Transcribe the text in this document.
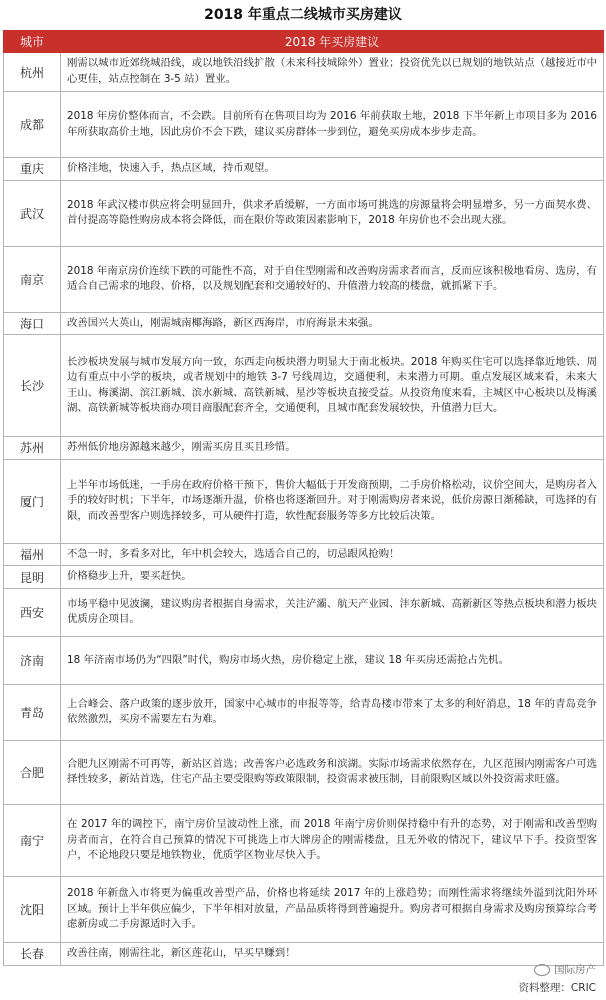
2018 年重点二线城市买房建议
城市	2018 年买房建议
杭州	刚需以城市近郊绕城沿线，或以地铁沿线扩散（未来科技城除外）置业；投资优先以已规划的地铁站点（越接近市中心更佳，站点控制在 3-5 站）置业。
成都	2018 年房价整体而言，不会跌。目前所有在售项目均为 2016 年前获取土地，2018 下半年新上市项目多为 2016 年所获取高价土地，因此房价不会下跌，建议买房群体一步到位，避免买房成本步步走高。
重庆	价格洼地，快速入手，热点区域，持币观望。
武汉	2018 年武汉楼市供应将会明显回升，供求矛盾缓解，一方面市场可挑选的房源量将会明显增多，另一方面契水费、首付提高等隐性购房成本将会降低，而在限价等政策因素影响下，2018 年房价也不会出现大涨。
南京	2018 年南京房价连续下跌的可能性不高，对于自住型刚需和改善购房需求者而言，反而应该积极地看房、选房，有适合自己需求的地段、价格，以及规划配套和交通较好的、升值潜力较高的楼盘，就抓紧下手。
海口	改善国兴大英山，刚需城南椰海路，新区西海岸，市府海景未来强。
长沙	长沙板块发展与城市发展方向一致，东西走向板块潜力明显大于南北板块。2018 年购买住宅可以选择靠近地铁、周边有重点中小学的板块，或者规划中的地铁 3-7 号线周边，交通便利，未来潜力可期。重点发展区域来看，未来大王山、梅溪湖、滨江新城、滨水新城、高铁新城、星沙等板块直接受益。从投资角度来看，主城区中心板块以及梅溪湖、高铁新城等板块商办项目商服配套齐全，交通便利，且城市配套发展较快，升值潜力巨大。
苏州	苏州低价地房源越来越少，刚需买房且买且珍惜。
厦门	上半年市场低迷，一手房在政府价格干预下，售价大幅低于开发商预期，二手房价格松动，议价空间大，是购房者入手的较好时机；下半年，市场逐渐升温，价格也将逐渐回升。对于刚需购房者来说，低价房源日渐稀缺，可选择的有限，而改善型客户则选择较多，可从硬件打造，软性配套服务等多方比较后决策。
福州	不急一时，多看多对比，年中机会较大，选适合自己的，切忌跟风抢购！
昆明	价格稳步上升，要买赶快。
西安	市场平稳中见波澜，建议购房者根据自身需求，关注浐灞、航天产业园、沣东新城、高新新区等热点板块和潜力板块优质房企项目。
济南	18 年济南市场仍为“四限”时代，购房市场火热，房价稳定上涨，建议 18 年买房还需抢占先机。
青岛	上合峰会、落户政策的逐步放开，国家中心城市的申报等等，给青岛楼市带来了太多的利好消息，18 年的青岛竞争依然激烈，买房不需要左右为难。
合肥	合肥九区刚需不可再等，新站区首选；改善客户必选政务和滨湖。实际市场需求依然存在，九区范围内刚需客户可选择性较多，新站首选，住宅产品主要受限购等政策限制，投资需求被压制，目前限购区域以外投资需求旺盛。
南宁	在 2017 年的调控下，南宁房价呈波动性上涨，而 2018 年南宁房价则保持稳中有升的态势，对于刚需和改善型购房者而言，在符合自己预算的情况下可挑选上市大牌房企的刚需楼盘，且无外收的情况下，建议早下手。投资型客户，不论地段只要是地铁物业，优质学区物业尽快入手。
沈阳	2018 年新盘入市将更为偏重改善型产品，价格也将延续 2017 年的上涨趋势；而刚性需求将继续外溢到沈阳外环区域。预计上半年供应偏少，下半年相对放量，产品品质将得到普遍提升。购房者可根据自身需求及购房预算综合考虑新房或二手房源适时入手。
长春	改善往南，刚需往北，新区莲花山，早买早赚到！
国际房产
资料整理：CRIC
